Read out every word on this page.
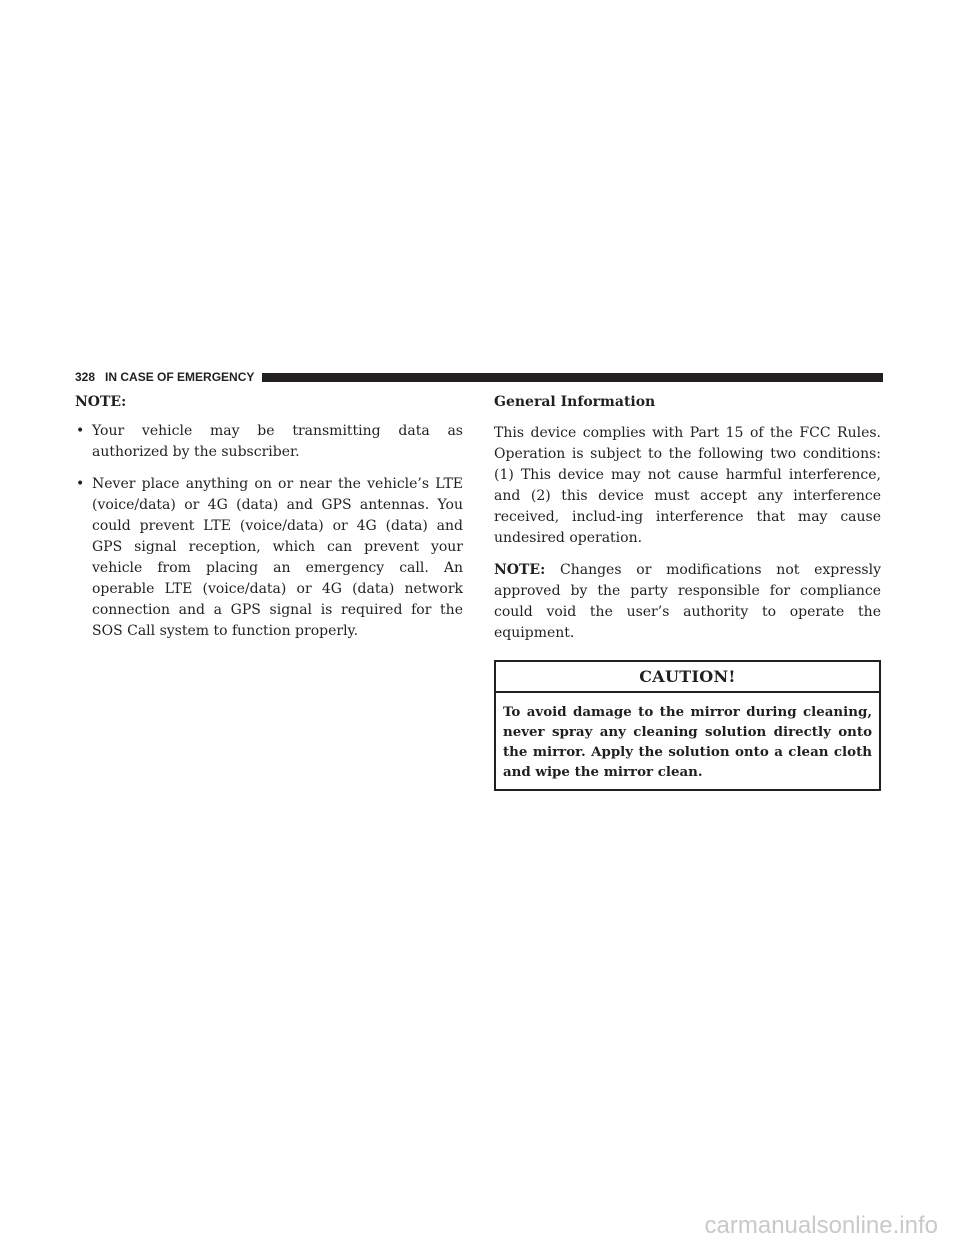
328 IN CASE OF EMERGENCY
NOTE:
• Your vehicle may be transmitting data as authorized by the subscriber.
• Never place anything on or near the vehicle’s LTE (voice/data) or 4G (data) and GPS antennas. You could prevent LTE (voice/data) or 4G (data) and GPS signal reception, which can prevent your vehicle from placing an emergency call. An operable LTE (voice/data) or 4G (data) network connection and a GPS signal is required for the SOS Call system to function properly.
General Information

This device complies with Part 15 of the FCC Rules. Operation is subject to the following two conditions: (1) This device may not cause harmful interference, and (2) this device must accept any interference received, includ-ing interference that may cause undesired operation.

NOTE: Changes or modifications not expressly approved by the party responsible for compliance could void the user’s authority to operate the equipment.

CAUTION!
To avoid damage to the mirror during cleaning, never spray any cleaning solution directly onto the mirror. Apply the solution onto a clean cloth and wipe the mirror clean.
carmanualsonline.info
